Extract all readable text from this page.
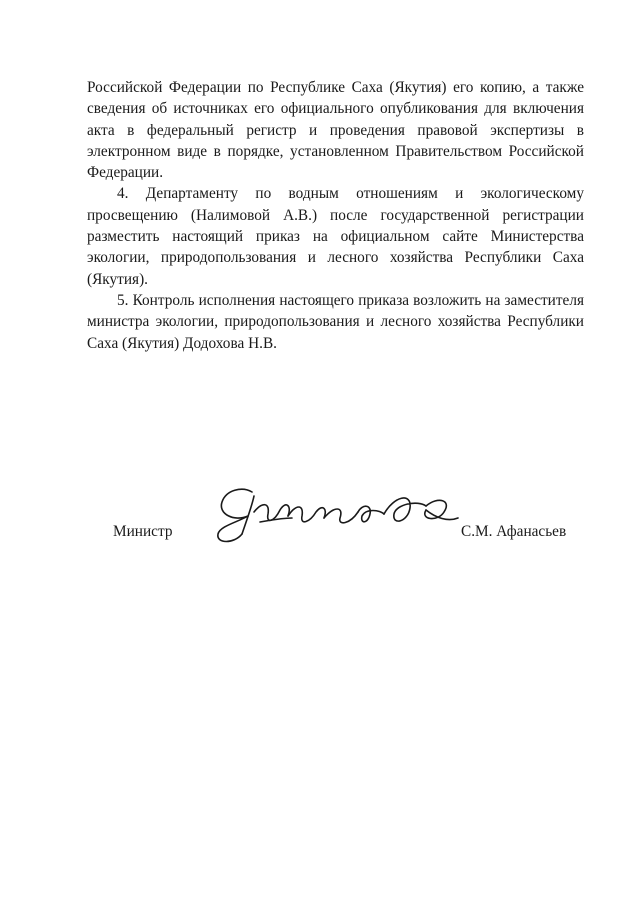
Российской Федерации по Республике Саха (Якутия) его копию, а также сведения об источниках его официального опубликования для включения акта в федеральный регистр и проведения правовой экспертизы в электронном виде в порядке, установленном Правительством Российской Федерации.

4. Департаменту по водным отношениям и экологическому просвещению (Налимовой А.В.) после государственной регистрации разместить настоящий приказ на официальном сайте Министерства экологии, природопользования и лесного хозяйства Республики Саха (Якутия).

5. Контроль исполнения настоящего приказа возложить на заместителя министра экологии, природопользования и лесного хозяйства Республики Саха (Якутия) Додохова Н.В.

Министр	С.М. Афанасьев
